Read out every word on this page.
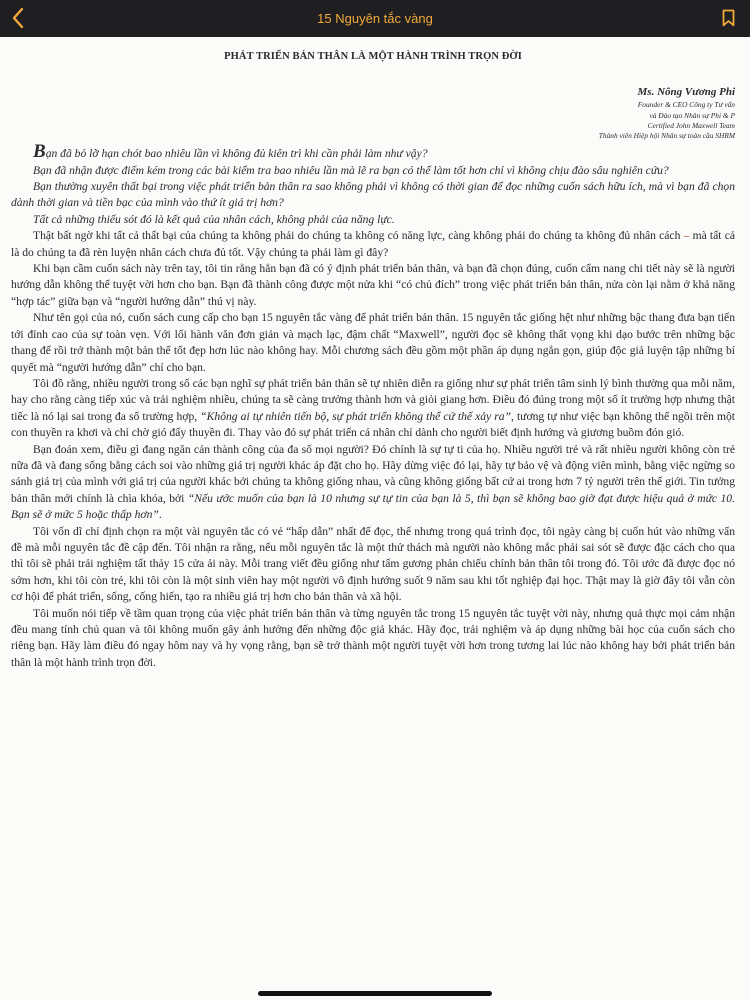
15 Nguyên tắc vàng
PHÁT TRIỂN BẢN THÂN LÀ MỘT HÀNH TRÌNH TRỌN ĐỜI
Ms. Nông Vương Phi
Founder & CEO Công ty Tư vấn
và Đào tạo Nhân sự Phi & P
Certified John Maxwell Team
Thành viên Hiệp hội Nhân sự toàn cầu SHRM

Bạn đã bỏ lỡ hạn chót bao nhiêu lần vì không đủ kiên trì khi cần phải làm như vậy?

Bạn đã nhận được điểm kém trong các bài kiểm tra bao nhiêu lần mà lẽ ra bạn có thể làm tốt hơn chỉ vì không chịu đào sâu nghiên cứu?

Bạn thường xuyên thất bại trong việc phát triển bản thân ra sao không phải vì không có thời gian để đọc những cuốn sách hữu ích, mà vì bạn đã chọn dành thời gian và tiền bạc của mình vào thứ ít giá trị hơn?

Tất cả những thiếu sót đó là kết quả của nhân cách, không phải của năng lực.

Thật bất ngờ khi tất cả thất bại của chúng ta không phải do chúng ta không có năng lực, càng không phải do chúng ta không đủ nhân cách – mà tất cả là do chúng ta đã rèn luyện nhân cách chưa đủ tốt. Vậy chúng ta phải làm gì đây?

Khi bạn cầm cuốn sách này trên tay, tôi tin rằng hẳn bạn đã có ý định phát triển bản thân, và bạn đã chọn đúng, cuốn cẩm nang chi tiết này sẽ là người hướng dẫn không thể tuyệt vời hơn cho bạn. Bạn đã thành công được một nửa khi “có chủ đích” trong việc phát triển bản thân, nửa còn lại nằm ở khả năng “hợp tác” giữa bạn và “người hướng dẫn” thú vị này.

Như tên gọi của nó, cuốn sách cung cấp cho bạn 15 nguyên tắc vàng để phát triển bản thân. 15 nguyên tắc giống hệt như những bậc thang đưa bạn tiến tới đỉnh cao của sự toàn vẹn. Với lối hành văn đơn giản và mạch lạc, đậm chất “Maxwell”, người đọc sẽ không thất vọng khi dạo bước trên những bậc thang để rồi trở thành một bản thể tốt đẹp hơn lúc nào không hay. Mỗi chương sách đều gồm một phần áp dụng ngắn gọn, giúp độc giả luyện tập những bí quyết mà “người hướng dẫn” chỉ cho bạn.

Tôi đồ rằng, nhiều người trong số các bạn nghĩ sự phát triển bản thân sẽ tự nhiên diễn ra giống như sự phát triển tâm sinh lý bình thường qua mỗi năm, hay cho rằng càng tiếp xúc và trải nghiệm nhiều, chúng ta sẽ càng trưởng thành hơn và giỏi giang hơn. Điều đó đúng trong một số ít trường hợp nhưng thật tiếc là nó lại sai trong đa số trường hợp, “Không ai tự nhiên tiến bộ, sự phát triển không thể cứ thế xảy ra”, tương tự như việc bạn không thể ngồi trên một con thuyền ra khơi và chỉ chờ gió đẩy thuyền đi. Thay vào đó sự phát triển cá nhân chỉ dành cho người biết định hướng và giương buồm đón gió.

Bạn đoán xem, điều gì đang ngăn cản thành công của đa số mọi người? Đó chính là sự tự ti của họ. Nhiều người trẻ và rất nhiều người không còn trẻ nữa đã và đang sống bằng cách soi vào những giá trị người khác áp đặt cho họ. Hãy dừng việc đó lại, hãy tự bảo vệ và động viên mình, bằng việc ngừng so sánh giá trị của mình với giá trị của người khác bởi chúng ta không giống nhau, và cũng không giống bất cứ ai trong hơn 7 tỷ người trên thế giới. Tin tưởng bản thân mới chính là chìa khóa, bởi “Nếu ước muốn của bạn là 10 nhưng sự tự tin của bạn là 5, thì bạn sẽ không bao giờ đạt được hiệu quả ở mức 10. Bạn sẽ ở mức 5 hoặc thấp hơn”.

Tôi vốn dĩ chỉ định chọn ra một vài nguyên tắc có vẻ “hấp dẫn” nhất để đọc, thế nhưng trong quá trình đọc, tôi ngày càng bị cuốn hút vào những vấn đề mà mỗi nguyên tắc đề cập đến. Tôi nhận ra rằng, nếu mỗi nguyên tắc là một thử thách mà người nào không mắc phải sai sót sẽ được đặc cách cho qua thì tôi sẽ phải trải nghiệm tất thảy 15 cửa ải này. Mỗi trang viết đều giống như tấm gương phản chiếu chính bản thân tôi trong đó. Tôi ước đã được đọc nó sớm hơn, khi tôi còn trẻ, khi tôi còn là một sinh viên hay một người vô định hướng suốt 9 năm sau khi tốt nghiệp đại học. Thật may là giờ đây tôi vẫn còn cơ hội để phát triển, sống, cống hiến, tạo ra nhiều giá trị hơn cho bản thân và xã hội.

Tôi muốn nói tiếp về tầm quan trọng của việc phát triển bản thân và từng nguyên tắc trong 15 nguyên tắc tuyệt vời này, nhưng quả thực mọi cảm nhận đều mang tính chủ quan và tôi không muốn gây ảnh hưởng đến những độc giả khác. Hãy đọc, trải nghiệm và áp dụng những bài học của cuốn sách cho riêng bạn. Hãy làm điều đó ngay hôm nay và hy vọng rằng, bạn sẽ trở thành một người tuyệt vời hơn trong tương lai lúc nào không hay bởi phát triển bản thân là một hành trình trọn đời.
